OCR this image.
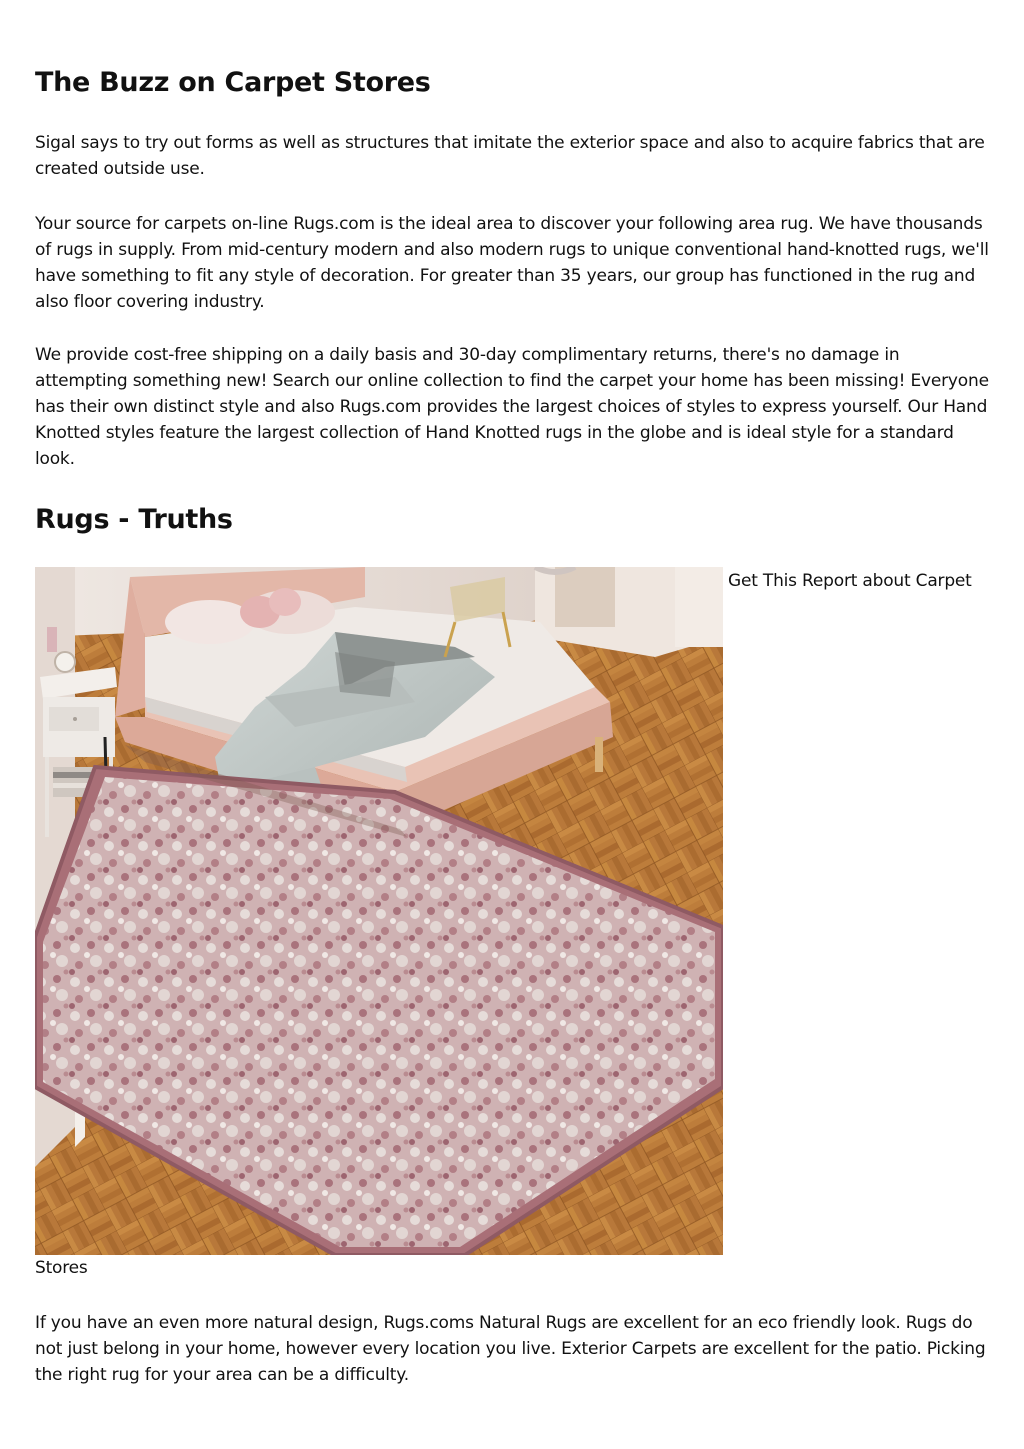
The Buzz on Carpet Stores

Sigal says to try out forms as well as structures that imitate the exterior space and also to acquire fabrics that are created outside use.

Your source for carpets on-line Rugs.com is the ideal area to discover your following area rug. We have thousands of rugs in supply. From mid-century modern and also modern rugs to unique conventional hand-knotted rugs, we'll have something to fit any style of decoration. For greater than 35 years, our group has functioned in the rug and also floor covering industry.

We provide cost-free shipping on a daily basis and 30-day complimentary returns, there's no damage in attempting something new! Search our online collection to find the carpet your home has been missing! Everyone has their own distinct style and also Rugs.com provides the largest choices of styles to express yourself. Our Hand Knotted styles feature the largest collection of Hand Knotted rugs in the globe and is ideal style for a standard look.

Rugs - Truths
Get This Report about Carpet
Stores

If you have an even more natural design, Rugs.coms Natural Rugs are excellent for an eco friendly look. Rugs do not just belong in your home, however every location you live. Exterior Carpets are excellent for the patio. Picking the right rug for your area can be a difficulty.
